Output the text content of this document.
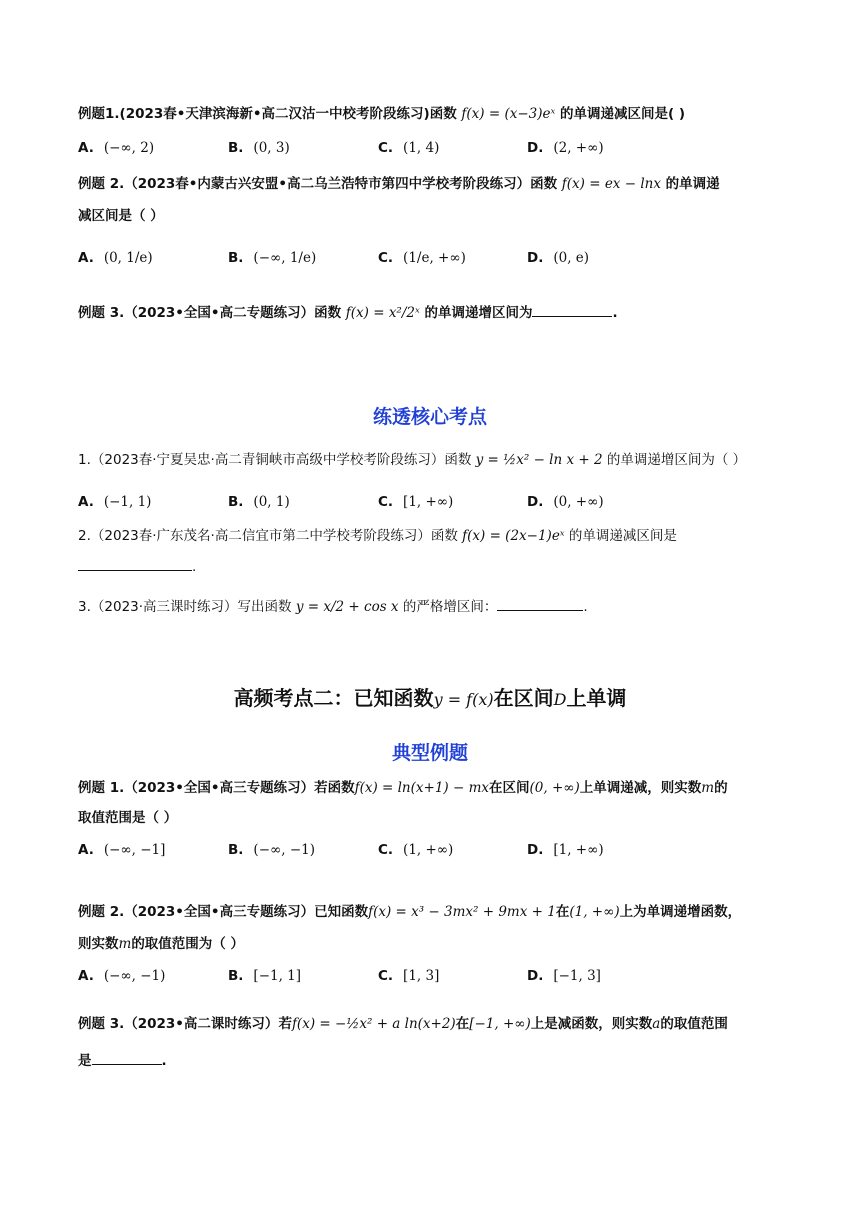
例题1.(2023春•天津滨海新•高二汉沽一中校考阶段练习)函数 f(x) = (x−3)eˣ 的单调递减区间是( )
A. (−∞, 2)	B. (0, 3)	C. (1, 4)	D. (2, +∞)
例题 2.（2023春•内蒙古兴安盟•高二乌兰浩特市第四中学校考阶段练习）函数 f(x) = ex − lnx 的单调递
减区间是（ ）
A. (0, 1/e)	B. (−∞, 1/e)	C. (1/e, +∞)	D. (0, e)
例题 3.（2023•全国•高二专题练习）函数 f(x) = x²/2ˣ 的单调递增区间为	.
练透核心考点
1.（2023春·宁夏吴忠·高二青铜峡市高级中学校考阶段练习）函数 y = ½x² − ln x + 2 的单调递增区间为（ ）
A. (−1, 1)	B. (0, 1)	C. [1, +∞)	D. (0, +∞)
2.（2023春·广东茂名·高二信宜市第二中学校考阶段练习）函数 f(x) = (2x−1)eˣ 的单调递减区间是
.
3.（2023·高三课时练习）写出函数 y = x/2 + cos x 的严格增区间：	.
高频考点二：已知函数y = f(x)在区间D上单调
典型例题
例题 1.（2023•全国•高三专题练习）若函数f(x) = ln(x+1) − mx在区间(0, +∞)上单调递减，则实数m的
取值范围是（ ）
A. (−∞, −1]	B. (−∞, −1)	C. (1, +∞)	D. [1, +∞)
例题 2.（2023•全国•高三专题练习）已知函数f(x) = x³ − 3mx² + 9mx + 1在(1, +∞)上为单调递增函数，
则实数m的取值范围为（ ）
A. (−∞, −1)	B. [−1, 1]	C. [1, 3]	D. [−1, 3]
例题 3.（2023•高二课时练习）若f(x) = −½x² + a ln(x+2)在[−1, +∞)上是减函数，则实数a的取值范围
是	.
